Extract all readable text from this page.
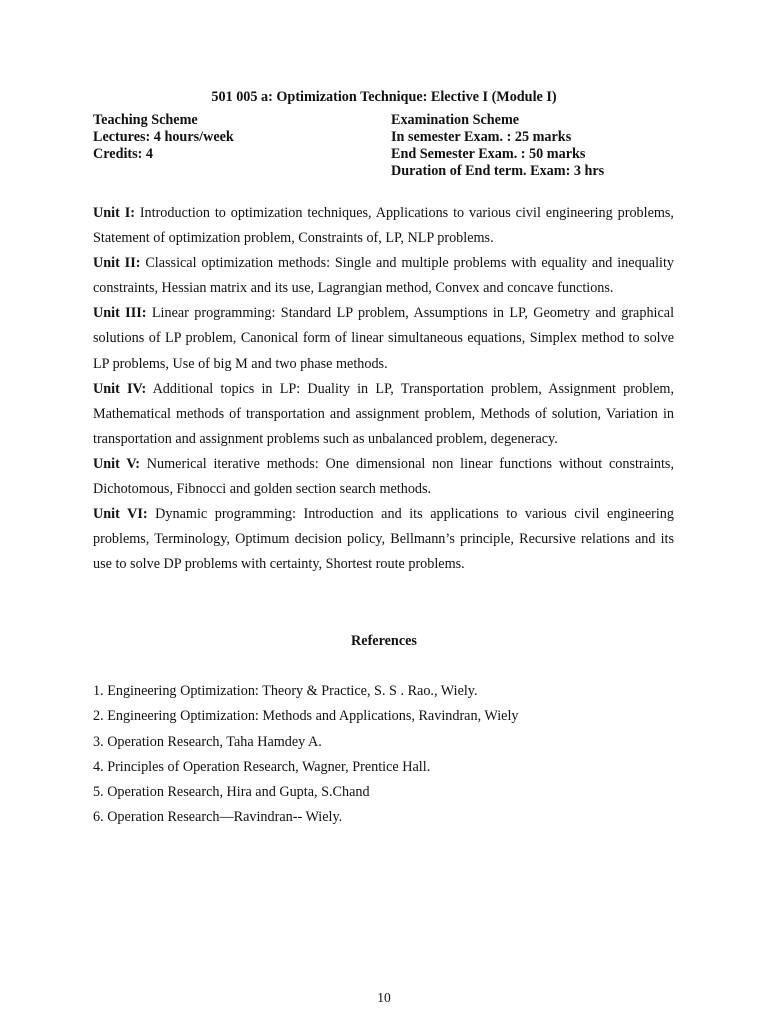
501 005 a: Optimization Technique: Elective I (Module I)
Teaching Scheme
Lectures: 4 hours/week
Credits: 4
Examination Scheme
In semester Exam. : 25 marks
End Semester Exam. : 50 marks
Duration of End term. Exam: 3 hrs

Unit I: Introduction to optimization techniques, Applications to various civil engineering problems, Statement of optimization problem, Constraints of, LP, NLP problems.

Unit II: Classical optimization methods: Single and multiple problems with equality and inequality constraints, Hessian matrix and its use, Lagrangian method, Convex and concave functions.

Unit III: Linear programming: Standard LP problem, Assumptions in LP, Geometry and graphical solutions of LP problem, Canonical form of linear simultaneous equations, Simplex method to solve LP problems, Use of big M and two phase methods.

Unit IV: Additional topics in LP: Duality in LP, Transportation problem, Assignment problem, Mathematical methods of transportation and assignment problem, Methods of solution, Variation in transportation and assignment problems such as unbalanced problem, degeneracy.

Unit V: Numerical iterative methods: One dimensional non linear functions without constraints, Dichotomous, Fibnocci and golden section search methods.

Unit VI: Dynamic programming: Introduction and its applications to various civil engineering problems, Terminology, Optimum decision policy, Bellmann’s principle, Recursive relations and its use to solve DP problems with certainty, Shortest route problems.

References
1. Engineering Optimization: Theory & Practice, S. S . Rao., Wiely.
2. Engineering Optimization: Methods and Applications, Ravindran, Wiely
3. Operation Research, Taha Hamdey A.
4. Principles of Operation Research, Wagner, Prentice Hall.
5. Operation Research, Hira and Gupta, S.Chand
6. Operation Research—Ravindran-- Wiely.
10
